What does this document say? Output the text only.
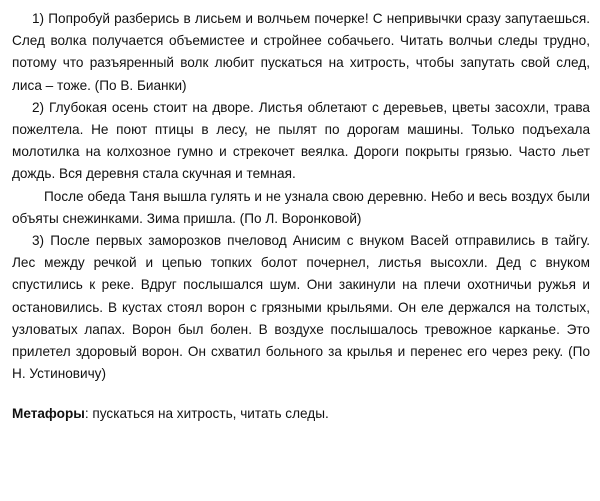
1) Попробуй разберись в лисьем и волчьем почерке! С непривычки сразу запутаешься. След волка получается объемистее и стройнее собачьего. Читать волчьи следы трудно, потому что разъяренный волк любит пускаться на хитрость, чтобы запутать свой след, лиса – тоже. (По В. Бианки)

2) Глубокая осень стоит на дворе. Листья облетают с деревьев, цветы засохли, трава пожелтела. Не поют птицы в лесу, не пылят по дорогам машины. Только подъехала молотилка на колхозное гумно и стрекочет веялка. Дороги покрыты грязью. Часто льет дождь. Вся деревня стала скучная и темная.

После обеда Таня вышла гулять и не узнала свою деревню. Небо и весь воздух были объяты снежинками. Зима пришла. (По Л. Воронковой)

3) После первых заморозков пчеловод Анисим с внуком Васей отправились в тайгу. Лес между речкой и цепью топких болот почернел, листья высохли. Дед с внуком спустились к реке. Вдруг послышался шум. Они закинули на плечи охотничьи ружья и остановились. В кустах стоял ворон с грязными крыльями. Он еле держался на толстых, узловатых лапах. Ворон был болен. В воздухе послышалось тревожное карканье. Это прилетел здоровый ворон. Он схватил больного за крылья и перенес его через реку. (По Н. Устиновичу)

Метафоры: пускаться на хитрость, читать следы.
